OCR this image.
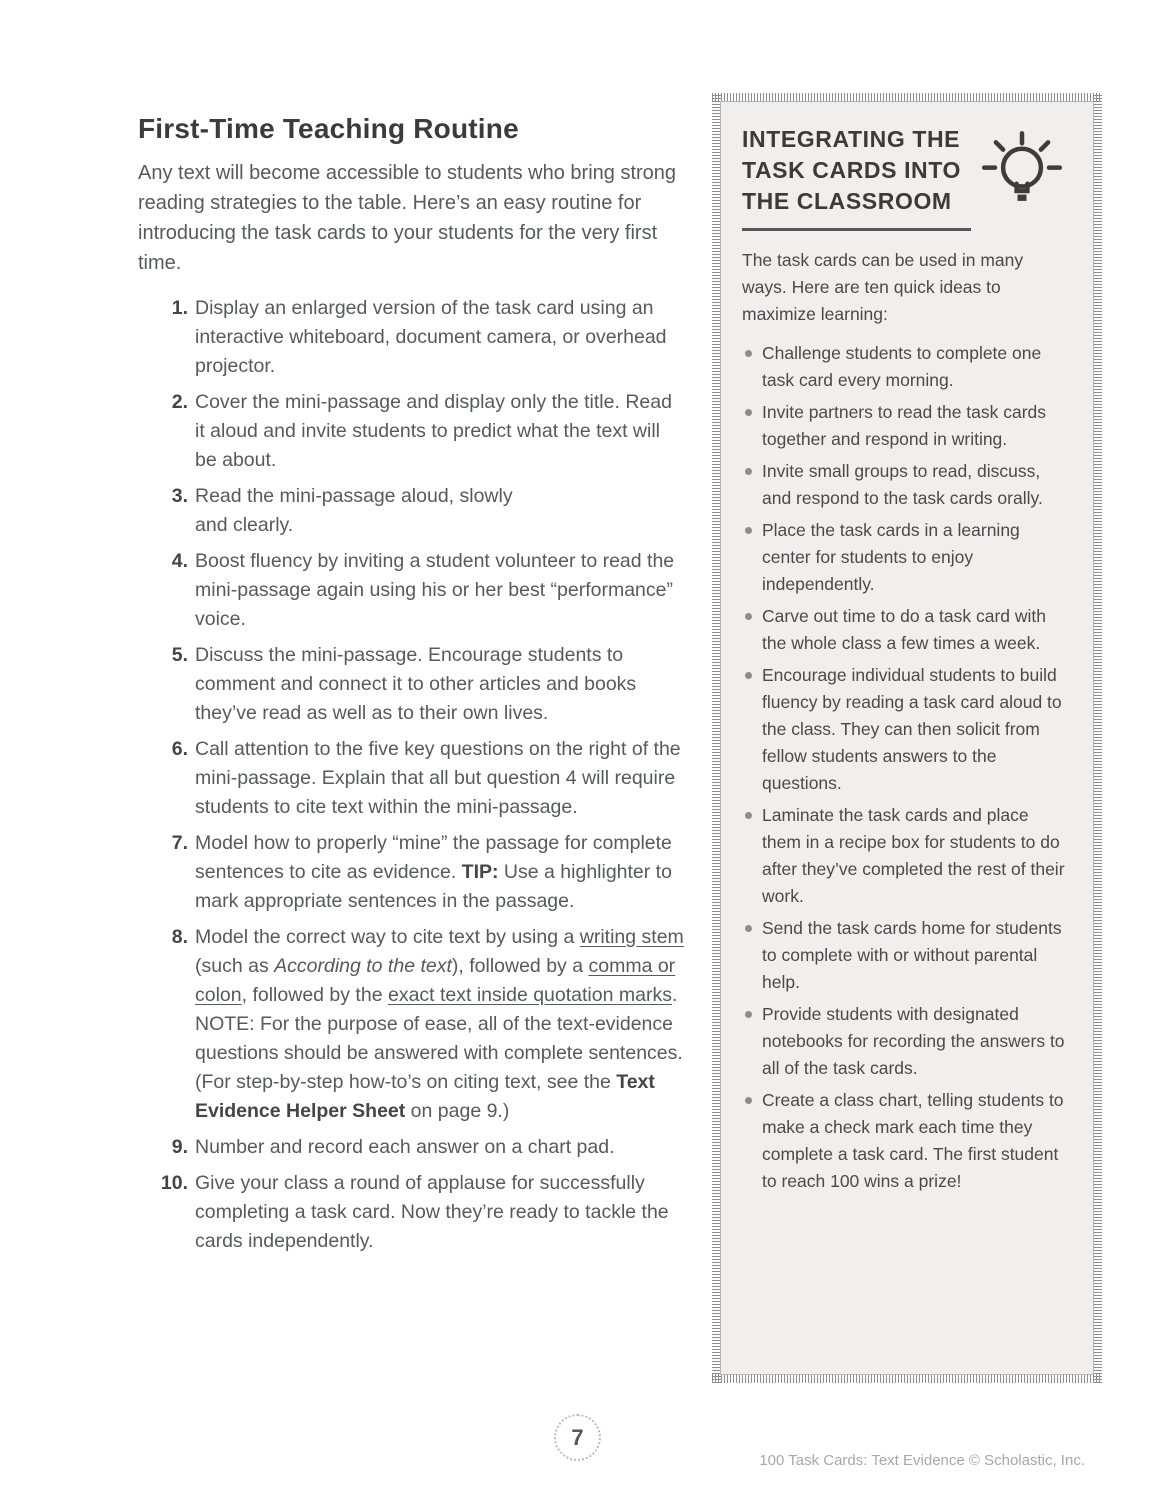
First-Time Teaching Routine

Any text will become accessible to students who bring strong reading strategies to the table. Here’s an easy routine for introducing the task cards to your students for the very first time.

1. Display an enlarged version of the task card using an interactive whiteboard, document camera, or overhead projector.
2. Cover the mini-passage and display only the title. Read it aloud and invite students to predict what the text will be about.
3. Read the mini-passage aloud, slowly
and clearly.
4. Boost fluency by inviting a student volunteer to read the mini-passage again using his or her best “performance” voice.
5. Discuss the mini-passage. Encourage students to comment and connect it to other articles and books they’ve read as well as to their own lives.
6. Call attention to the five key questions on the right of the mini-passage. Explain that all but question 4 will require students to cite text within the mini-passage.
7. Model how to properly “mine” the passage for complete sentences to cite as evidence. TIP: Use a highlighter to mark appropriate sentences in the passage.
8. Model the correct way to cite text by using a writing stem (such as According to the text), followed by a comma or colon, followed by the exact text inside quotation marks. NOTE: For the purpose of ease, all of the text-evidence questions should be answered with complete sentences. (For step-by-step how-to’s on citing text, see the Text Evidence Helper Sheet on page 9.)
9. Number and record each answer on a chart pad.
10. Give your class a round of applause for successfully completing a task card. Now they’re ready to tackle the cards independently.
INTEGRATING THE
TASK CARDS INTO
THE CLASSROOM

The task cards can be used in many ways. Here are ten quick ideas to maximize learning:

Challenge students to complete one task card every morning.
Invite partners to read the task cards together and respond in writing.
Invite small groups to read, discuss, and respond to the task cards orally.
Place the task cards in a learning center for students to enjoy independently.
Carve out time to do a task card with the whole class a few times a week.
Encourage individual students to build fluency by reading a task card aloud to the class. They can then solicit from fellow students answers to the questions.
Laminate the task cards and place them in a recipe box for students to do after they’ve completed the rest of their work.
Send the task cards home for students to complete with or without parental help.
Provide students with designated notebooks for recording the answers to all of the task cards.
Create a class chart, telling students to make a check mark each time they complete a task card. The first student to reach 100 wins a prize!
7
100 Task Cards: Text Evidence © Scholastic, Inc.
